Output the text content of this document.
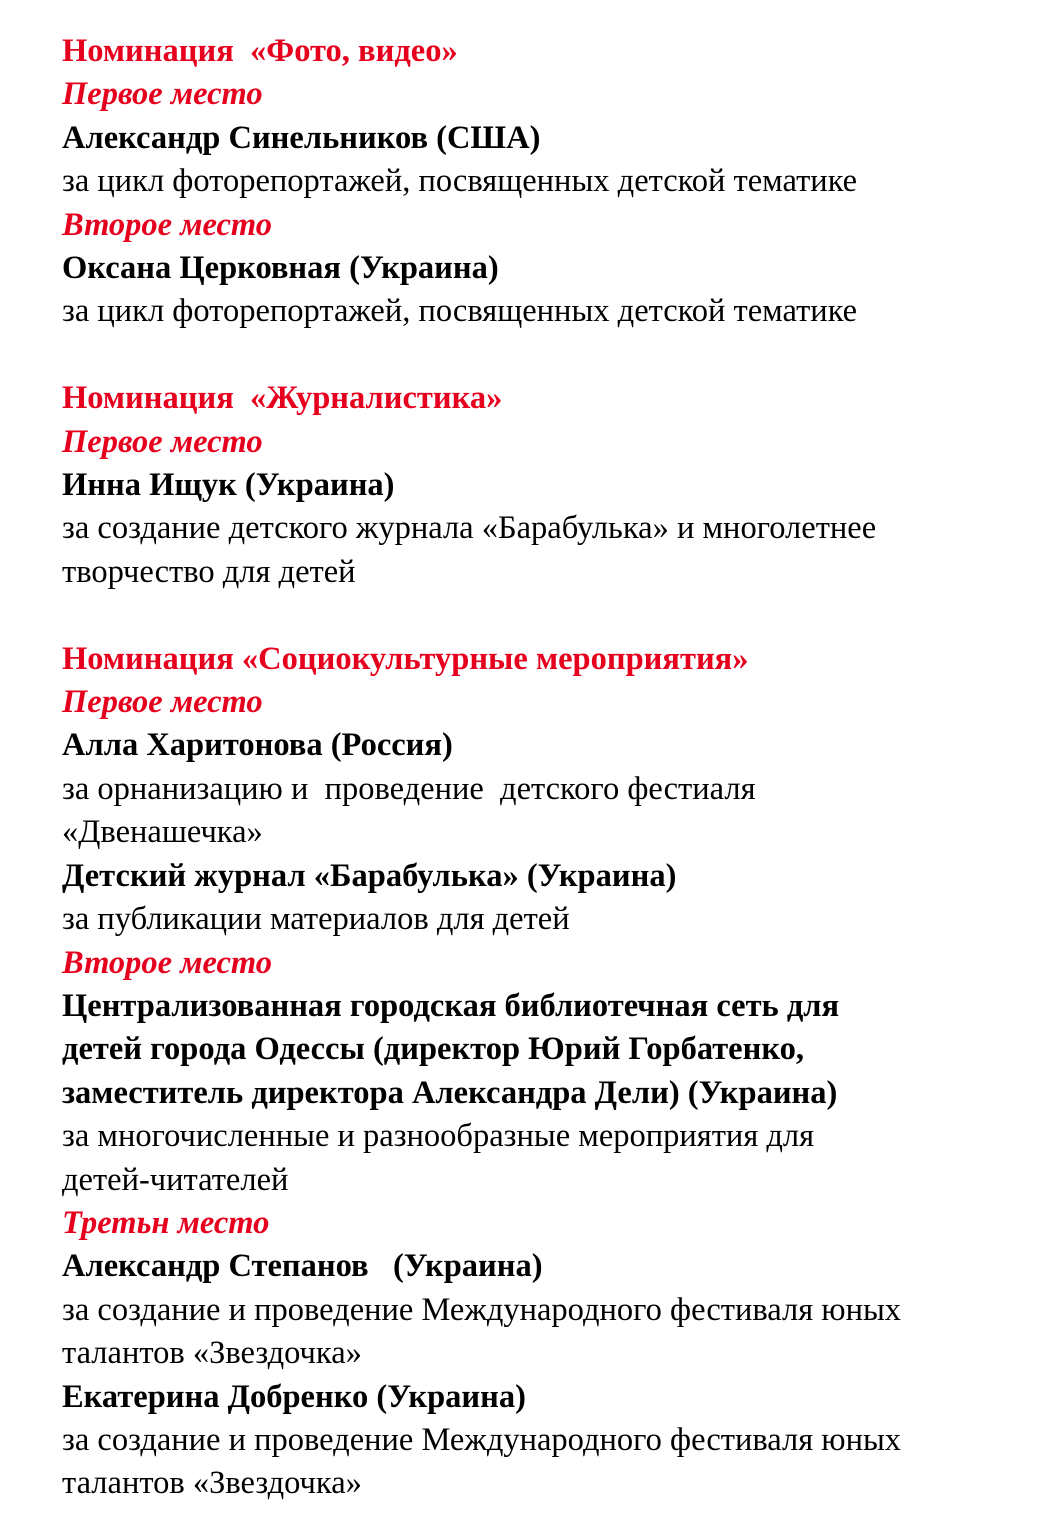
Номинация  «Фото, видео»

Первое место

Александр Синельников (США)

за цикл фоторепортажей, посвященных детской тематике

Второе место

Оксана Церковная (Украина)

за цикл фоторепортажей, посвященных детской тематике

Номинация  «Журналистика»

Первое место

Инна Ищук (Украина)

за создание детского журнала «Барабулька» и многолетнее

творчество для детей

Номинация «Социокультурные мероприятия»

Первое место

Алла Харитонова (Россия)

за орнанизацию и  проведение  детского фестиаля

«Двенашечка»

Детский журнал «Барабулька» (Украина)

за публикации материалов для детей

Второе место

Централизованная городская библиотечная сеть для

детей города Одессы (директор Юрий Горбатенко,

заместитель директора Александра Дели) (Украина)

за многочисленные и разнообразные мероприятия для

детей-читателей

Третьн место

Александр Степанов   (Украина)

за создание и проведение Международного фестиваля юных

талантов «Звездочка»

Екатерина Добренко (Украина)

за создание и проведение Международного фестиваля юных

талантов «Звездочка»
